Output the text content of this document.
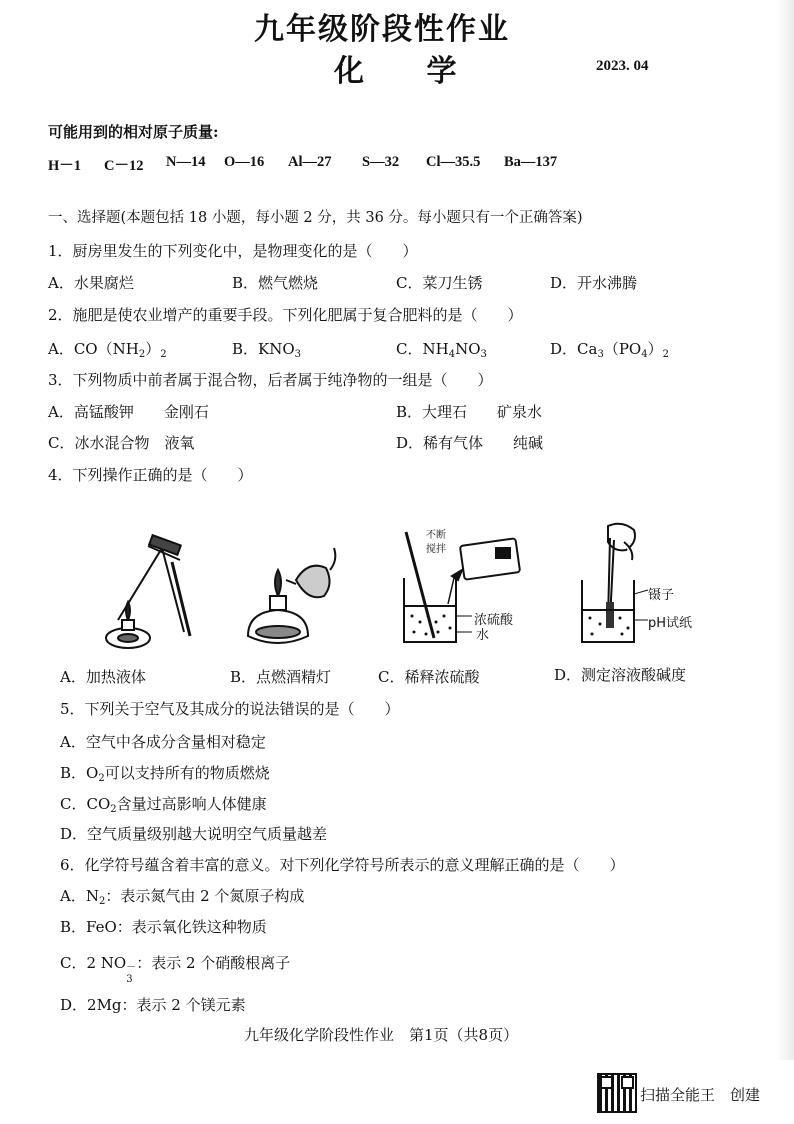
九年级阶段性作业
化 学	2023. 04
可能用到的相对原子质量:
H－1 C－12 N—14 O—16 Al—27 S—32 Cl—35.5 Ba—137
一、选择题(本题包括 18 小题，每小题 2 分，共 36 分。每小题只有一个正确答案)
1．厨房里发生的下列变化中，是物理变化的是（　　）
A．水果腐烂	B．燃气燃烧	C．菜刀生锈	D．开水沸腾
2．施肥是使农业增产的重要手段。下列化肥属于复合肥料的是（　　）
A．$CO(NH_2)_2$	B．$KNO_3$	C．$NH_4NO_3$	D．$Ca_3(PO_4)_2$
3．下列物质中前者属于混合物，后者属于纯净物的一组是（　　）
A．高锰酸钾　　金刚石	B．大理石　　矿泉水
C．冰水混合物　液氧	D．稀有气体　　纯碱
4．下列操作正确的是（　　）
不断
搅拌
浓硫酸
水
镊子
pH试纸
A．加热液体	B．点燃酒精灯	C．稀释浓硫酸	D．测定溶液酸碱度
5．下列关于空气及其成分的说法错误的是（　　）
A．空气中各成分含量相对稳定
B．$O_2$可以支持所有的物质燃烧
C．$CO_2$含量过高影响人体健康
D．空气质量级别越大说明空气质量越差
6．化学符号蕴含着丰富的意义。对下列化学符号所表示的意义理解正确的是（　　）
A．$N_2$：表示氮气由 2 个氮原子构成
B．FeO：表示氧化铁这种物质
C．2 NO －
3
：表示 2 个硝酸根离子
D．2Mg：表示 2 个镁元素
九年级化学阶段性作业　第1页（共8页）
扫描全能王　创建
